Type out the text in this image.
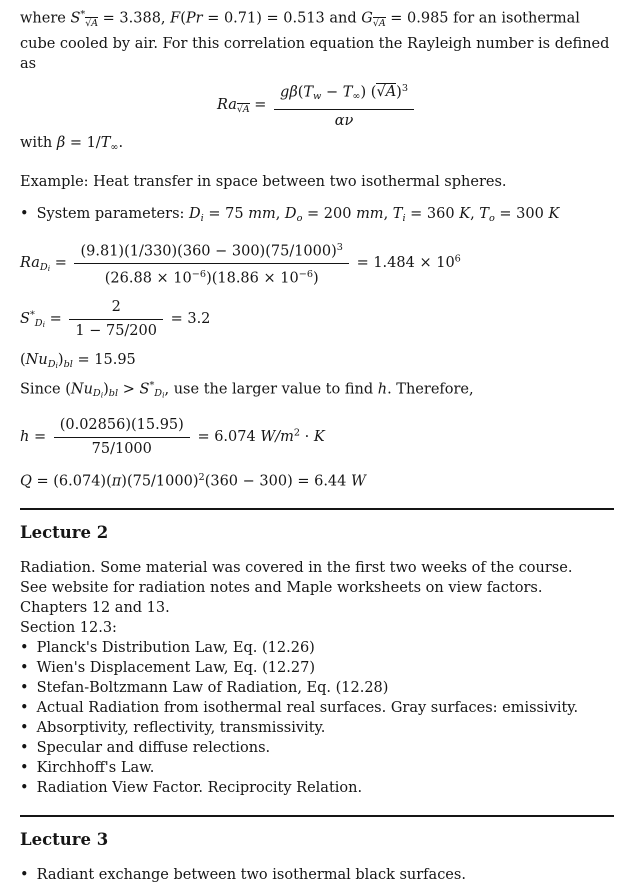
where S*√ $_A$ = 3.388, F(Pr = 0.71) = 0.513 and G √ $_A$ = 0.985 for an isothermal
cube cooled by air. For this correlation equation the Rayleigh number is defined
as
Ra √ $_A = \frac{g\beta(T_w - T_\infty) ( √ A)^3}{\alpha\nu}$
with $\beta = 1/T_\infty$.
Example: Heat transfer in space between two isothermal spheres.
• System parameters: $D_i = 75$ mm, $D_o = 200$ mm, $T_i = 360$ K, $T_o = 300$ K
$Ra_{Di} = \frac{(9.81)(1/330)(360 - 300)(75/1000)^3}{(26.88 \times 10^{-6})(18.86 \times 10^{-6})} = 1.484 \times 10^6$
$S^*_{Di} = \frac{2}{1 - 75/200} = 3.2$
$(Nu_{Di})_{bl} = 15.95$
Since $(Nu_{Di})_{bl} > S^*_{Di}$, use the larger value to find h. Therefore,
$h = \frac{(0.02856)(15.95)}{75/1000} = 6.074$ $W/m^2 \cdot K$
$Q = (6.074)(\pi)(75/1000)^2(360 - 300) = 6.44$ W
Lecture 2
Radiation. Some material was covered in the first two weeks of the course.
See website for radiation notes and Maple worksheets on view factors.
Chapters 12 and 13.
Section 12.3:
• Planck's Distribution Law, Eq. (12.26)
• Wien's Displacement Law, Eq. (12.27)
• Stefan-Boltzmann Law of Radiation, Eq. (12.28)
• Actual Radiation from isothermal real surfaces. Gray surfaces: emissivity.
• Absorptivity, reflectivity, transmissivity.
• Specular and diffuse relections.
• Kirchhoff's Law.
• Radiation View Factor. Reciprocity Relation.
Lecture 3
• Radiant exchange between two isothermal black surfaces.
